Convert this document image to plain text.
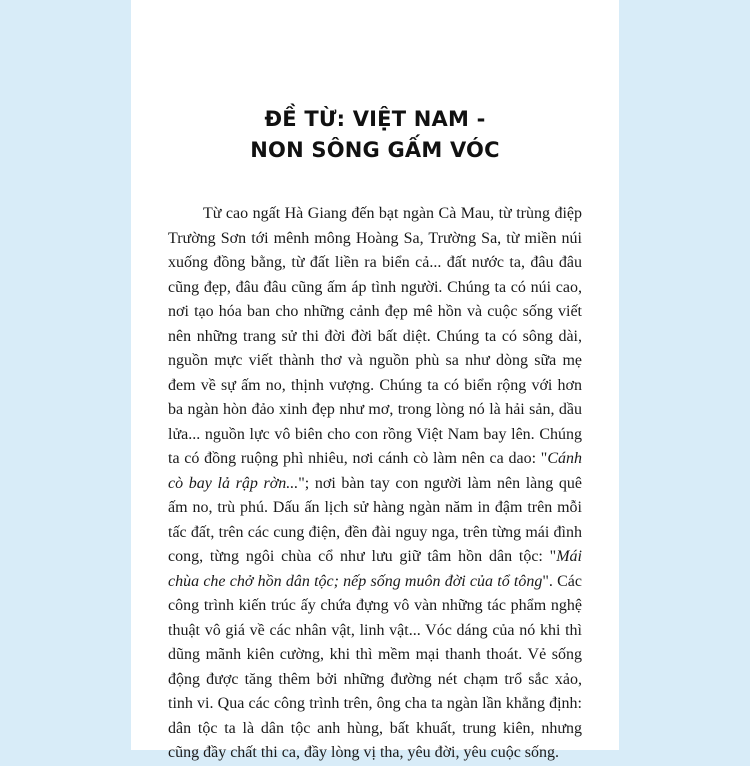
ĐỀ TỪ: VIỆT NAM -
NON SÔNG GẤM VÓC

Từ cao ngất Hà Giang đến bạt ngàn Cà Mau, từ trùng điệp Trường Sơn tới mênh mông Hoàng Sa, Trường Sa, từ miền núi xuống đồng bằng, từ đất liền ra biển cả... đất nước ta, đâu đâu cũng đẹp, đâu đâu cũng ấm áp tình người. Chúng ta có núi cao, nơi tạo hóa ban cho những cảnh đẹp mê hồn và cuộc sống viết nên những trang sử thi đời đời bất diệt. Chúng ta có sông dài, nguồn mực viết thành thơ và nguồn phù sa như dòng sữa mẹ đem về sự ấm no, thịnh vượng. Chúng ta có biển rộng với hơn ba ngàn hòn đảo xinh đẹp như mơ, trong lòng nó là hải sản, dầu lửa... nguồn lực vô biên cho con rồng Việt Nam bay lên. Chúng ta có đồng ruộng phì nhiêu, nơi cánh cò làm nên ca dao: "Cánh cò bay lả rập rờn..."; nơi bàn tay con người làm nên làng quê ấm no, trù phú. Dấu ấn lịch sử hàng ngàn năm in đậm trên mỗi tấc đất, trên các cung điện, đền đài nguy nga, trên từng mái đình cong, từng ngôi chùa cổ như lưu giữ tâm hồn dân tộc: "Mái chùa che chở hồn dân tộc; nếp sống muôn đời của tổ tông". Các công trình kiến trúc ấy chứa đựng vô vàn những tác phẩm nghệ thuật vô giá về các nhân vật, linh vật... Vóc dáng của nó khi thì dũng mãnh kiên cường, khi thì mềm mại thanh thoát. Vẻ sống động được tăng thêm bởi những đường nét chạm trổ sắc xảo, tinh vi. Qua các công trình trên, ông cha ta ngàn lần khẳng định: dân tộc ta là dân tộc anh hùng, bất khuất, trung kiên, nhưng cũng đầy chất thi ca, đầy lòng vị tha, yêu đời, yêu cuộc sống.
